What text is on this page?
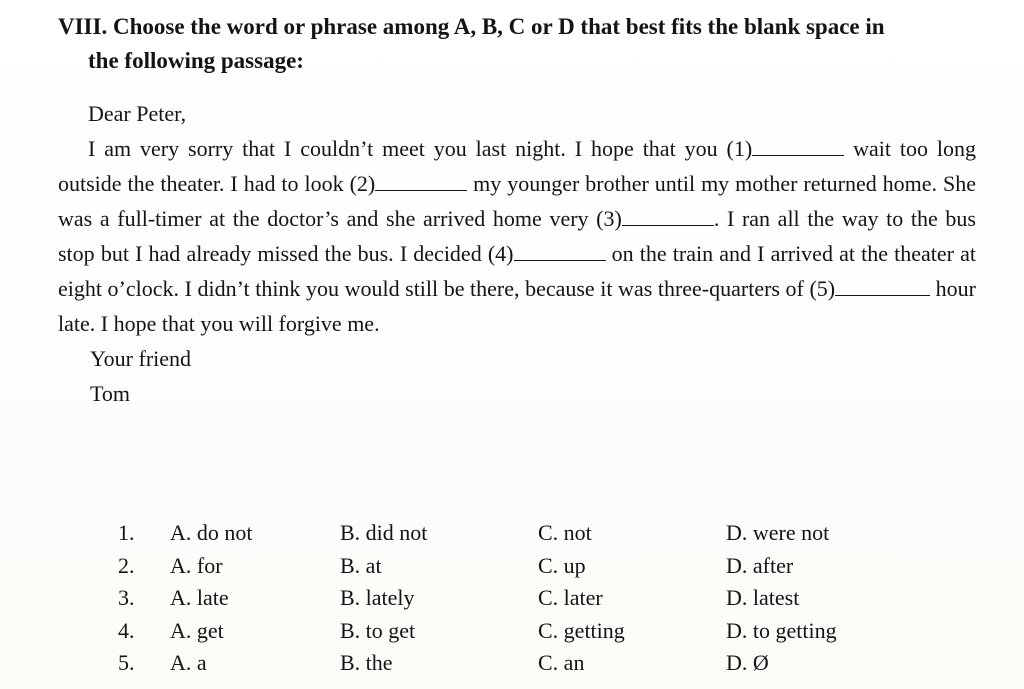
VIII. Choose the word or phrase among A, B, C or D that best fits the blank space in
the following passage:
Dear Peter,

I am very sorry that I couldn’t meet you last night. I hope that you (1)	wait too long outside the theater. I had to look (2)	my younger brother until my mother returned home. She was a full-timer at the doctor’s and she arrived home very (3)	. I ran all the way to the bus stop but I had already missed the bus. I decided (4)	on the train and I arrived at the theater at eight o’clock. I didn’t think you would still be there, because it was three-quarters of (5)	hour late. I hope that you will forgive me.

Your friend
Tom
1. A. do not	B. did not	C. not	D. were not
2. A. for	B. at	C. up	D. after
3. A. late	B. lately	C. later	D. latest
4. A. get	B. to get	C. getting	D. to getting
5. A. a	B. the	C. an	D. Ø
